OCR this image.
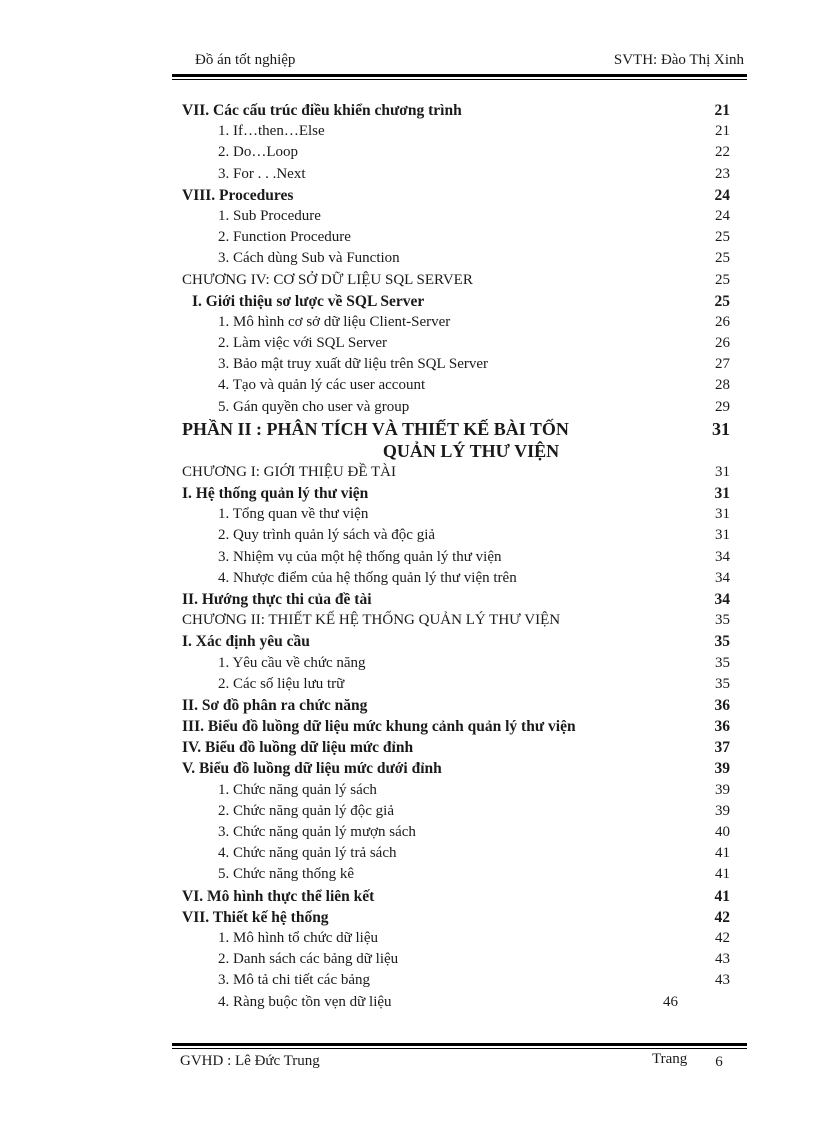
Đồ án tốt nghiệp	SVTH: Đào Thị Xinh
VII. Các cấu trúc điều khiển chương trình	21
1. If…then…Else	21
2. Do…Loop	22
3. For . . .Next	23
VIII. Procedures	24
1. Sub Procedure	24
2. Function Procedure	25
3. Cách dùng Sub và Function	25
CHƯƠNG IV: CƠ SỞ DỮ LIỆU SQL SERVER	25
I. Giới thiệu sơ lược về SQL Server	25
1. Mô hình cơ sở dữ liệu Client-Server	26
2. Làm việc với SQL Server	26
3. Bảo mật truy xuất dữ liệu trên SQL Server	27
4. Tạo và quản lý các user account	28
5. Gán quyền cho user và group	29
PHẦN II : PHÂN TÍCH VÀ THIẾT KẾ BÀI TỐN	31
QUẢN LÝ THƯ VIỆN
CHƯƠNG I: GIỚI THIỆU ĐỀ TÀI	31
I. Hệ thống quản lý thư viện	31
1. Tổng quan về thư viện	31
2. Quy trình quản lý sách và độc giả	31
3. Nhiệm vụ của một hệ thống quản lý thư viện	34
4. Nhược điểm của hệ thống quản lý thư viện trên	34
II. Hướng thực thi của đề tài	34
CHƯƠNG II: THIẾT KẾ HỆ THỐNG QUẢN LÝ THƯ VIỆN	35
I. Xác định yêu cầu	35
1. Yêu cầu về chức năng	35
2. Các số liệu lưu trữ	35
II. Sơ đồ phân ra chức năng	36
III. Biểu đồ luồng dữ liệu mức khung cảnh quản lý thư viện	36
IV. Biểu đồ luồng dữ liệu mức đỉnh	37
V. Biểu đồ luồng dữ liệu mức dưới đỉnh	39
1. Chức năng quản lý sách	39
2. Chức năng quản lý độc giả	39
3. Chức năng quản lý mượn sách	40
4. Chức năng quản lý trả sách	41
5. Chức năng thống kê	41
VI. Mô hình thực thể liên kết	41
VII. Thiết kế hệ thống	42
1. Mô hình tổ chức dữ liệu	42
2. Danh sách các bảng dữ liệu	43
3. Mô tả chi tiết các bảng	43
4. Ràng buộc tồn vẹn dữ liệu	46
GVHD : Lê Đức Trung	Trang 6
